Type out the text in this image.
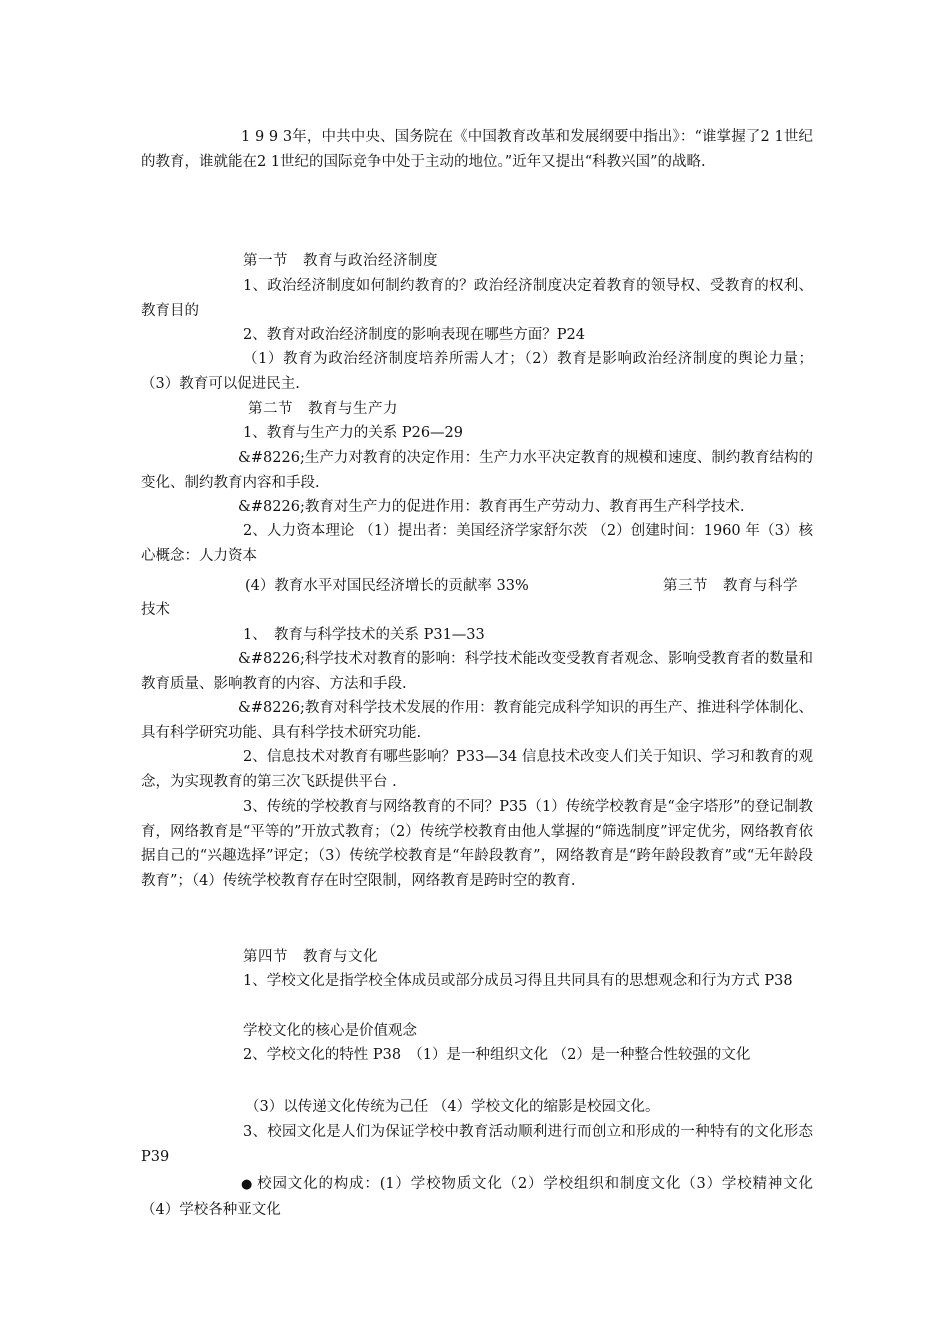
1 9 9 3年，中共中央、国务院在《中国教育改革和发展纲要中指出》：“谁掌握了2 1世纪的教育，谁就能在2 1世纪的国际竞争中处于主动的地位。”近年又提出“科教兴国”的战略.

第一节　教育与政治经济制度

1、政治经济制度如何制约教育的？政治经济制度决定着教育的领导权、受教育的权利、教育目的

2、教育对政治经济制度的影响表现在哪些方面？P24

（1）教育为政治经济制度培养所需人才；（2）教育是影响政治经济制度的舆论力量；（3）教育可以促进民主.

第二节　教育与生产力
1、教育与生产力的关系 P26—29

&#8226;生产力对教育的决定作用：生产力水平决定教育的规模和速度、制约教育结构的变化、制约教育内容和手段.

&#8226;教育对生产力的促进作用：教育再生产劳动力、教育再生产科学技术.

2、人力资本理论 （1）提出者：美国经济学家舒尔茨 （2）创建时间：1960 年（3）核心概念：人力资本

(4）教育水平对国民经济增长的贡献率 33%	第三节　教育与科学
技术
1、　教育与科学技术的关系 P31—33

&#8226;科学技术对教育的影响：科学技术能改变受教育者观念、影响受教育者的数量和教育质量、影响教育的内容、方法和手段.

&#8226;教育对科学技术发展的作用：教育能完成科学知识的再生产、推进科学体制化、具有科学研究功能、具有科学技术研究功能.

2、信息技术对教育有哪些影响？P33—34 信息技术改变人们关于知识、学习和教育的观念，为实现教育的第三次飞跃提供平台 .

3、传统的学校教育与网络教育的不同？P35（1）传统学校教育是“金字塔形”的登记制教育，网络教育是“平等的”开放式教育；（2）传统学校教育由他人掌握的“筛选制度”评定优劣，网络教育依据自己的“兴趣选择”评定；（3）传统学校教育是“年龄段教育”，网络教育是“跨年龄段教育”或“无年龄段教育”；（4）传统学校教育存在时空限制，网络教育是跨时空的教育.

第四节　教育与文化

1、学校文化是指学校全体成员或部分成员习得且共同具有的思想观念和行为方式 P38

学校文化的核心是价值观念

2、学校文化的特性 P38　（1）是一种组织文化 （2）是一种整合性较强的文化

（3）以传递文化传统为己任 （4）学校文化的缩影是校园文化。

3、校园文化是人们为保证学校中教育活动顺利进行而创立和形成的一种特有的文化形态 P39

● 校园文化的构成：(1）学校物质文化（2）学校组织和制度文化（3）学校精神文化（4）学校各种亚文化
